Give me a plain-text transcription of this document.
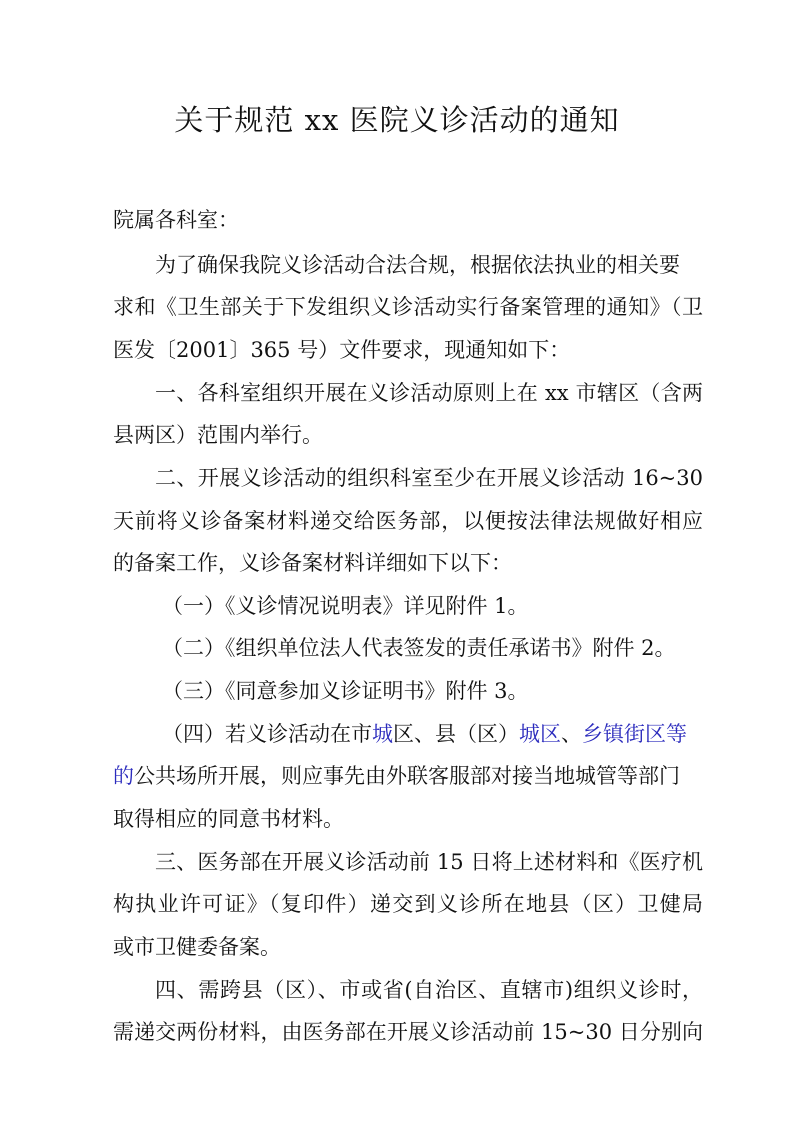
关于规范 xx 医院义诊活动的通知

院属各科室：

为了确保我院义诊活动合法合规，根据依法执业的相关要

求和《卫生部关于下发组织义诊活动实行备案管理的通知》（卫

医发〔2001〕365 号）文件要求，现通知如下：

一、各科室组织开展在义诊活动原则上在 xx 市辖区（含两

县两区）范围内举行。

二、开展义诊活动的组织科室至少在开展义诊活动 16~30

天前将义诊备案材料递交给医务部，以便按法律法规做好相应

的备案工作，义诊备案材料详细如下以下：

（一）《义诊情况说明表》详见附件 1。

（二）《组织单位法人代表签发的责任承诺书》附件 2。

（三）《同意参加义诊证明书》附件 3。

（四）若义诊活动在市城区、县（区）城区、乡镇街区等

的公共场所开展，则应事先由外联客服部对接当地城管等部门

取得相应的同意书材料。

三、医务部在开展义诊活动前 15 日将上述材料和《医疗机

构执业许可证》（复印件）递交到义诊所在地县（区）卫健局

或市卫健委备案。

四、需跨县（区）、市或省(自治区、直辖市)组织义诊时，

需递交两份材料，由医务部在开展义诊活动前 15~30 日分别向
